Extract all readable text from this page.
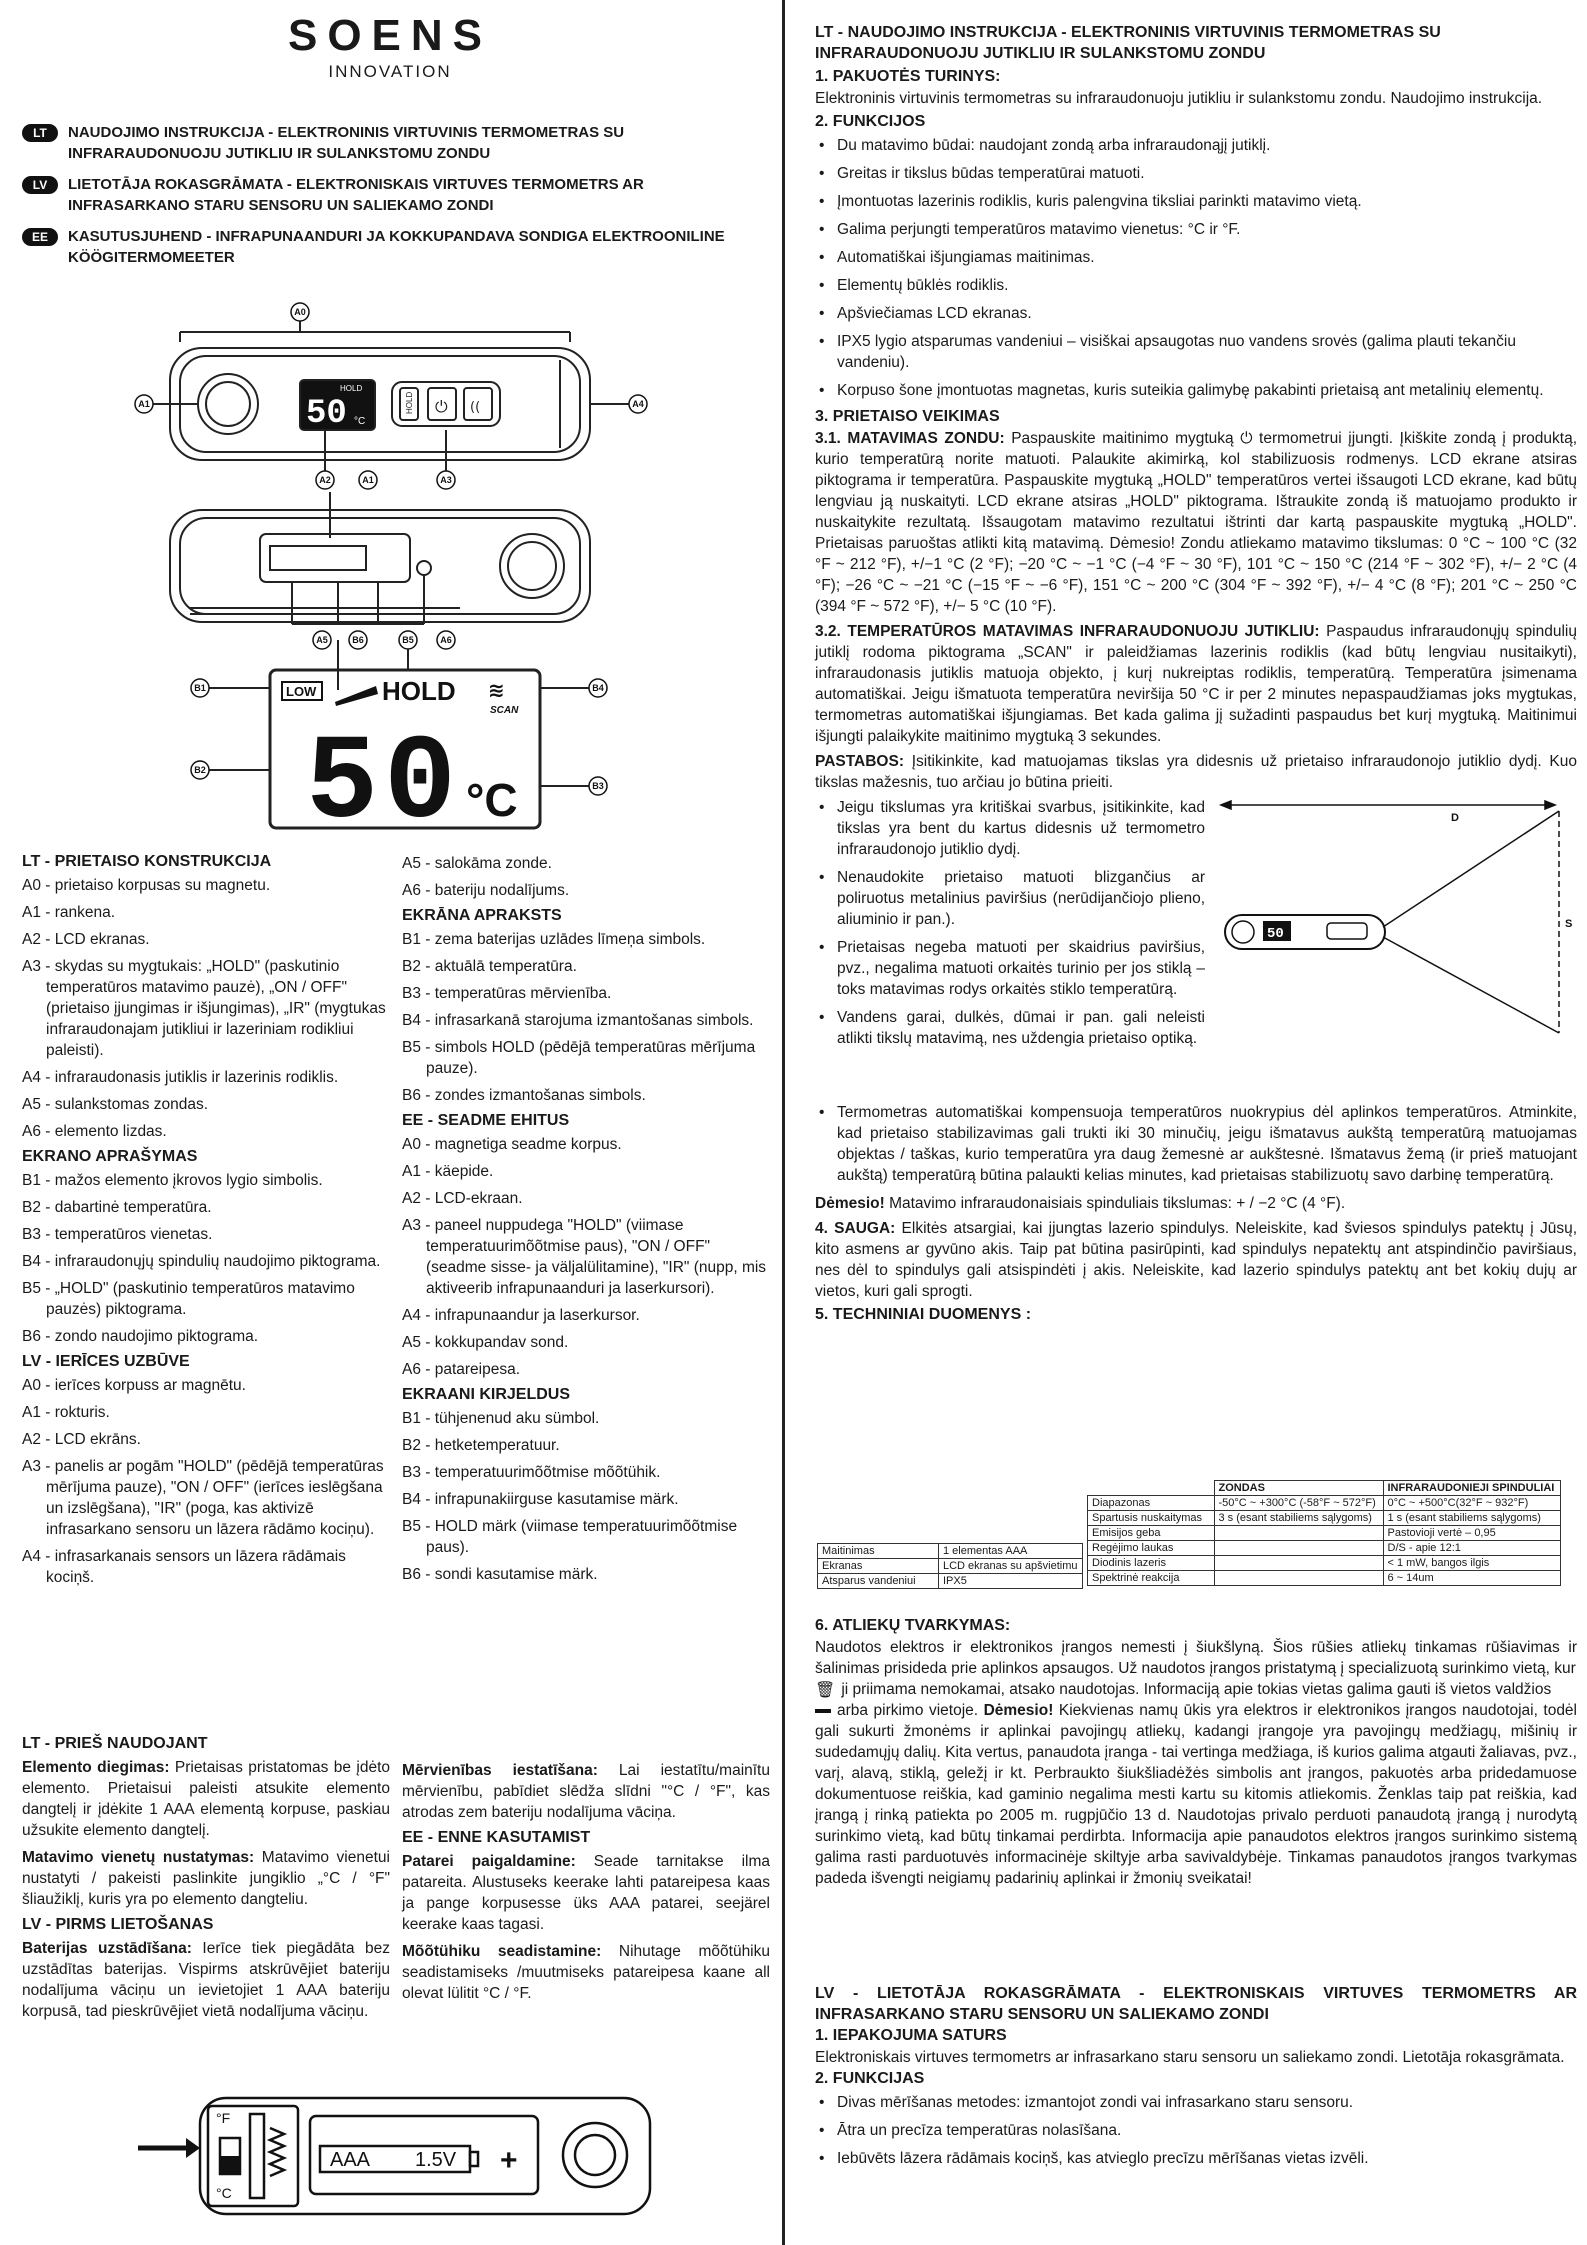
SOENS
INNOVATION
LT	NAUDOJIMO INSTRUKCIJA - ELEKTRONINIS VIRTUVINIS TERMOMETRAS SU INFRARAUDONUOJU JUTIKLIU IR SULANKSTOMU ZONDU
LV	LIETOTĀJA ROKASGRĀMATA - ELEKTRONISKAIS VIRTUVES TERMOMETRS AR INFRASARKANO STARU SENSORU UN SALIEKAMO ZONDI
EE	KASUTUSJUHEND - INFRAPUNAANDURI JA KOKKUPANDAVA SONDIGA ELEKTROONILINE KÖÖGITERMOMEETER
50
HOLD
°C
HOLD ⏻ ((
LOW	HOLD ≋
SCAN
50 °C
A0
A1
A2	A1	A3
A4
A5	B6	B5	A6
B1	B4
B2
B3
LT - PRIETAISO KONSTRUKCIJA
A0 - prietaiso korpusas su magnetu.
A1 - rankena.
A2 - LCD ekranas.
A3 - skydas su mygtukais: „HOLD" (paskutinio temperatūros matavimo pauzė), „ON / OFF" (prietaiso įjungimas ir išjungimas), „IR" (mygtukas infraraudonajam jutikliui ir lazeriniam rodikliui paleisti).
A4 - infraraudonasis jutiklis ir lazerinis rodiklis.
A5 - sulankstomas zondas.
A6 - elemento lizdas.
EKRANO APRAŠYMAS
B1 - mažos elemento įkrovos lygio simbolis.
B2 - dabartinė temperatūra.
B3 - temperatūros vienetas.
B4 - infraraudonųjų spindulių naudojimo piktograma.
B5 - „HOLD" (paskutinio temperatūros matavimo pauzės) piktograma.
B6 - zondo naudojimo piktograma.
LV - IERĪCES UZBŪVE
A0 - ierīces korpuss ar magnētu.
A1 - rokturis.
A2 - LCD ekrāns.
A3 - panelis ar pogām "HOLD" (pēdējā temperatūras mērījuma pauze), "ON / OFF" (ierīces ieslēgšana un izslēgšana), "IR" (poga, kas aktivizē infrasarkano sensoru un lāzera rādāmo kociņu).
A4 - infrasarkanais sensors un lāzera rādāmais kociņš.
A5 - salokāma zonde.
A6 - bateriju nodalījums.
EKRĀNA APRAKSTS
B1 - zema baterijas uzlādes līmeņa simbols.
B2 - aktuālā temperatūra.
B3 - temperatūras mērvienība.
B4 - infrasarkanā starojuma izmantošanas simbols.
B5 - simbols HOLD (pēdējā temperatūras mērījuma pauze).
B6 - zondes izmantošanas simbols.
EE - SEADME EHITUS
A0 - magnetiga seadme korpus.
A1 - käepide.
A2 - LCD-ekraan.
A3 - paneel nuppudega "HOLD" (viimase temperatuurimõõtmise paus), "ON / OFF" (seadme sisse- ja väljalülitamine), "IR" (nupp, mis aktiveerib infrapunaanduri ja laserkursori).
A4 - infrapunaandur ja laserkursor.
A5 - kokkupandav sond.
A6 - patareipesa.
EKRAANI KIRJELDUS
B1 - tühjenenud aku sümbol.
B2 - hetketemperatuur.
B3 - temperatuurimõõtmise mõõtühik.
B4 - infrapunakiirguse kasutamise märk.
B5 - HOLD märk (viimase temperatuurimõõtmise paus).
B6 - sondi kasutamise märk.
LT - PRIEŠ NAUDOJANT
Elemento diegimas: Prietaisas pristatomas be įdėto elemento. Prietaisui paleisti atsukite elemento dangtelį ir įdėkite 1 AAA elementą korpuse, paskiau užsukite elemento dangtelį.
Matavimo vienetų nustatymas: Matavimo vienetui nustatyti / pakeisti paslinkite jungiklio „°C / °F" šliaužiklį, kuris yra po elemento dangteliu.
LV - PIRMS LIETOŠANAS
Baterijas uzstādīšana: Ierīce tiek piegādāta bez uzstādītas baterijas. Vispirms atskrūvējiet bateriju nodalījuma vāciņu un ievietojiet 1 AAA bateriju korpusā, tad pieskrūvējiet vietā nodalījuma vāciņu.
Mērvienības iestatīšana: Lai iestatītu/mainītu mērvienību, pabīdiet slēdža slīdni "°C / °F", kas atrodas zem bateriju nodalījuma vāciņa.
EE - ENNE KASUTAMIST
Patarei paigaldamine: Seade tarnitakse ilma patareita. Alustuseks keerake lahti patareipesa kaas ja pange korpusesse üks AAA patarei, seejärel keerake kaas tagasi.
Mõõtühiku seadistamine: Nihutage mõõtühiku seadistamiseks /muutmiseks patareipesa kaane all olevat lülitit °C / °F.
°F
°C
AAA 1.5V +
LT - NAUDOJIMO INSTRUKCIJA - ELEKTRONINIS VIRTUVINIS TERMOMETRAS SU INFRARAUDONUOJU JUTIKLIU IR SULANKSTOMU ZONDU
1. PAKUOTĖS TURINYS:
Elektroninis virtuvinis termometras su infraraudonuoju jutikliu ir sulankstomu zondu. Naudojimo instrukcija.
2. FUNKCIJOS
• Du matavimo būdai: naudojant zondą arba infraraudonąjį jutiklį.
• Greitas ir tikslus būdas temperatūrai matuoti.
• Įmontuotas lazerinis rodiklis, kuris palengvina tiksliai parinkti matavimo vietą.
• Galima perjungti temperatūros matavimo vienetus: °C ir °F.
• Automatiškai išjungiamas maitinimas.
• Elementų būklės rodiklis.
• Apšviečiamas LCD ekranas.
• IPX5 lygio atsparumas vandeniui – visiškai apsaugotas nuo vandens srovės (galima plauti tekančiu vandeniu).
• Korpuso šone įmontuotas magnetas, kuris suteikia galimybę pakabinti prietaisą ant metalinių elementų.
3. PRIETAISO VEIKIMAS
3.1. MATAVIMAS ZONDU: Paspauskite maitinimo mygtuką ⏻ termometrui įjungti. Įkiškite zondą į produktą, kurio temperatūrą norite matuoti. Palaukite akimirką, kol stabilizuosis rodmenys. LCD ekrane atsiras piktograma ir temperatūra. Paspauskite mygtuką „HOLD" temperatūros vertei išsaugoti LCD ekrane, kad būtų lengviau ją nuskaityti. LCD ekrane atsiras „HOLD" piktograma. Ištraukite zondą iš matuojamo produkto ir nuskaitykite rezultatą. Išsaugotam matavimo rezultatui ištrinti dar kartą paspauskite mygtuką „HOLD". Prietaisas paruoštas atlikti kitą matavimą. Dėmesio! Zondu atliekamo matavimo tikslumas: 0 °C ~ 100 °C (32 °F ~ 212 °F), +/−1 °C (2 °F); −20 °C ~ −1 °C (−4 °F ~ 30 °F), 101 °C ~ 150 °C (214 °F ~ 302 °F), +/− 2 °C (4 °F); −26 °C ~ −21 °C (−15 °F ~ −6 °F), 151 °C ~ 200 °C (304 °F ~ 392 °F), +/− 4 °C (8 °F); 201 °C ~ 250 °C (394 °F ~ 572 °F), +/− 5 °C (10 °F).
3.2. TEMPERATŪROS MATAVIMAS INFRARAUDONUOJU JUTIKLIU: Paspaudus infraraudonųjų spindulių jutiklį rodoma piktograma „SCAN" ir paleidžiamas lazerinis rodiklis (kad būtų lengviau nusitaikyti), infraraudonasis jutiklis matuoja objekto, į kurį nukreiptas rodiklis, temperatūrą. Temperatūra įsimenama automatiškai. Jeigu išmatuota temperatūra neviršija 50 °C ir per 2 minutes nepaspaudžiamas joks mygtukas, termometras automatiškai išjungiamas. Bet kada galima jį sužadinti paspaudus bet kurį mygtuką. Maitinimui išjungti palaikykite maitinimo mygtuką 3 sekundes.
PASTABOS: Įsitikinkite, kad matuojamas tikslas yra didesnis už prietaiso infraraudonojo jutiklio dydį. Kuo tikslas mažesnis, tuo arčiau jo būtina prieiti.
• Jeigu tikslumas yra kritiškai svarbus, įsitikinkite, kad tikslas yra bent du kartus didesnis už termometro infraraudonojo jutiklio dydį.
• Nenaudokite prietaiso matuoti blizgančius ar poliruotus metalinius paviršius (nerūdijančiojo plieno, aliuminio ir pan.).
• Prietaisas negeba matuoti per skaidrius paviršius, pvz., negalima matuoti orkaitės turinio per jos stiklą – toks matavimas rodys orkaitės stiklo temperatūrą.
• Vandens garai, dulkės, dūmai ir pan. gali neleisti atlikti tikslų matavimą, nes uždengia prietaiso optiką.
50
D
S
• Termometras automatiškai kompensuoja temperatūros nuokrypius dėl aplinkos temperatūros. Atminkite, kad prietaiso stabilizavimas gali trukti iki 30 minučių, jeigu išmatavus aukštą temperatūrą matuojamas objektas / taškas, kurio temperatūra yra daug žemesnė ar aukštesnė. Išmatavus žemą (ir prieš matuojant aukštą) temperatūrą būtina palaukti kelias minutes, kad prietaisas stabilizuotų savo darbinę temperatūrą.
Dėmesio! Matavimo infraraudonaisiais spinduliais tikslumas: + / −2 °C (4 °F).
4. SAUGA: Elkitės atsargiai, kai įjungtas lazerio spindulys. Neleiskite, kad šviesos spindulys patektų į Jūsų, kito asmens ar gyvūno akis. Taip pat būtina pasirūpinti, kad spindulys nepatektų ant atspindinčio paviršiaus, nes dėl to spindulys gali atsispindėti į akis. Neleiskite, kad lazerio spindulys patektų ant bet kokių dujų ar vietos, kuri gali sprogti.
5. TECHNINIAI DUOMENYS :
Maitinimas	1 elementas AAA
Ekranas	LCD ekranas su apšvietimu
Atsparus vandeniui	IPX5
	ZONDAS	INFRARAUDONIEJI SPINDULIAI
Diapazonas	-50°C ~ +300°C (-58°F ~ 572°F)	0°C ~ +500°C(32°F ~ 932°F)
Spartusis nuskaitymas	3 s (esant stabiliems sąlygoms)	1 s (esant stabiliems sąlygoms)
Emisijos geba		Pastovioji vertė – 0,95
Regėjimo laukas		D/S - apie 12:1
Diodinis lazeris		< 1 mW, bangos ilgis
Spektrinė reakcija		6 ~ 14um
6. ATLIEKŲ TVARKYMAS:
Naudotos elektros ir elektronikos įrangos nemesti į šiukšlyną. Šios rūšies atliekų tinkamas rūšiavimas ir šalinimas prisideda prie aplinkos apsaugos. Už naudotos įrangos pristatymą į specializuotą surinkimo vietą, kur
🗑 ji priimama nemokamai, atsako naudotojas. Informaciją apie tokias vietas galima gauti iš vietos valdžios
arba pirkimo vietoje. Dėmesio! Kiekvienas namų ūkis yra elektros ir elektronikos įrangos naudotojai, todėl gali sukurti žmonėms ir aplinkai pavojingų atliekų, kadangi įrangoje yra pavojingų medžiagų, mišinių ir sudedamųjų dalių. Kita vertus, panaudota įranga - tai vertinga medžiaga, iš kurios galima atgauti žaliavas, pvz., varį, alavą, stiklą, geležį ir kt. Perbraukto šiukšliadėžės simbolis ant įrangos, pakuotės arba pridedamuose dokumentuose reiškia, kad gaminio negalima mesti kartu su kitomis atliekomis. Ženklas taip pat reiškia, kad įrangą į rinką patiekta po 2005 m. rugpjūčio 13 d. Naudotojas privalo perduoti panaudotą įrangą į nurodytą surinkimo vietą, kad būtų tinkamai perdirbta. Informacija apie panaudotos elektros įrangos surinkimo sistemą galima rasti parduotuvės informacinėje skiltyje arba savivaldybėje. Tinkamas panaudotos įrangos tvarkymas padeda išvengti neigiamų padarinių aplinkai ir žmonių sveikatai!
LV - LIETOTĀJA ROKASGRĀMATA - ELEKTRONISKAIS VIRTUVES TERMOMETRS AR INFRASARKANO STARU SENSORU UN SALIEKAMO ZONDI
1. IEPAKOJUMA SATURS
Elektroniskais virtuves termometrs ar infrasarkano staru sensoru un saliekamo zondi. Lietotāja rokasgrāmata.
2. FUNKCIJAS
• Divas mērīšanas metodes: izmantojot zondi vai infrasarkano staru sensoru.
• Ātra un precīza temperatūras nolasīšana.
• Iebūvēts lāzera rādāmais kociņš, kas atvieglo precīzu mērīšanas vietas izvēli.
